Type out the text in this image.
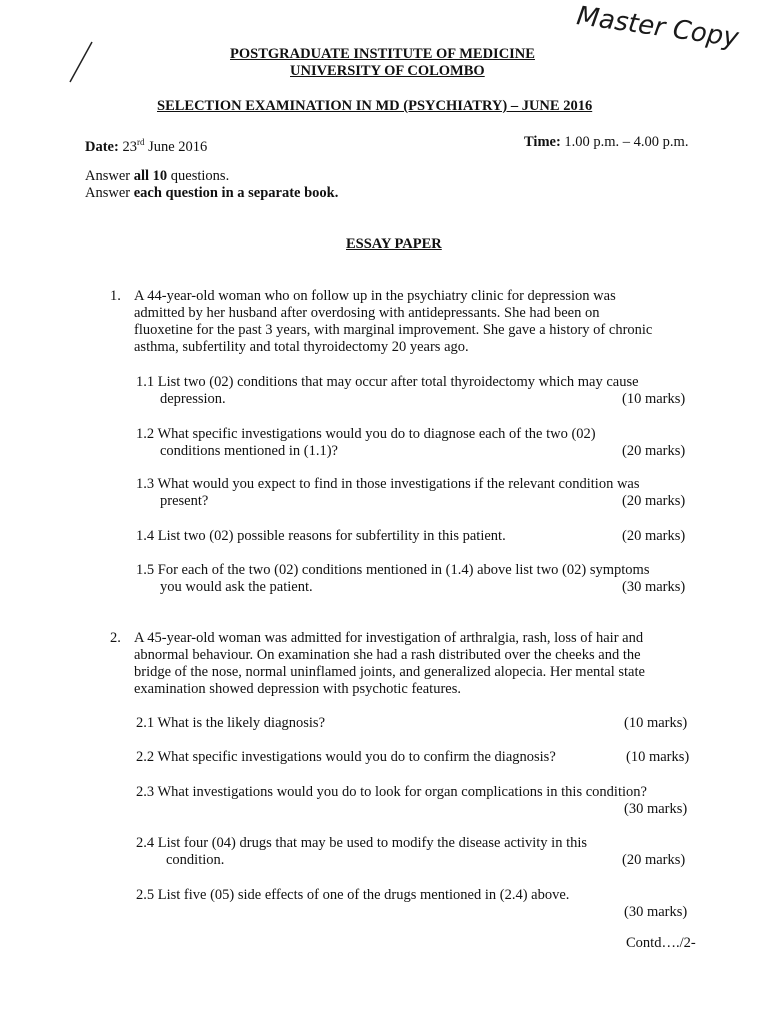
Master Copy
POSTGRADUATE INSTITUTE OF MEDICINE
UNIVERSITY OF COLOMBO
SELECTION EXAMINATION IN MD (PSYCHIATRY) – JUNE 2016
Date: 23rd June 2016	Time: 1.00 p.m. – 4.00 p.m.
Answer all 10 questions.
Answer each question in a separate book.
ESSAY PAPER
1. A 44-year-old woman who on follow up in the psychiatry clinic for depression was
admitted by her husband after overdosing with antidepressants. She had been on
fluoxetine for the past 3 years, with marginal improvement. She gave a history of chronic
asthma, subfertility and total thyroidectomy 20 years ago.
1.1 List two (02) conditions that may occur after total thyroidectomy which may cause
depression.	(10 marks)
1.2 What specific investigations would you do to diagnose each of the two (02)
conditions mentioned in (1.1)?	(20 marks)
1.3 What would you expect to find in those investigations if the relevant condition was
present?	(20 marks)
1.4 List two (02) possible reasons for subfertility in this patient.	(20 marks)
1.5 For each of the two (02) conditions mentioned in (1.4) above list two (02) symptoms
you would ask the patient.	(30 marks)
2. A 45-year-old woman was admitted for investigation of arthralgia, rash, loss of hair and
abnormal behaviour. On examination she had a rash distributed over the cheeks and the
bridge of the nose, normal uninflamed joints, and generalized alopecia. Her mental state
examination showed depression with psychotic features.
2.1 What is the likely diagnosis?	(10 marks)
2.2 What specific investigations would you do to confirm the diagnosis?	(10 marks)
2.3 What investigations would you do to look for organ complications in this condition?
(30 marks)
2.4 List four (04) drugs that may be used to modify the disease activity in this
condition.	(20 marks)
2.5 List five (05) side effects of one of the drugs mentioned in (2.4) above.
(30 marks)
Contd…./2-
